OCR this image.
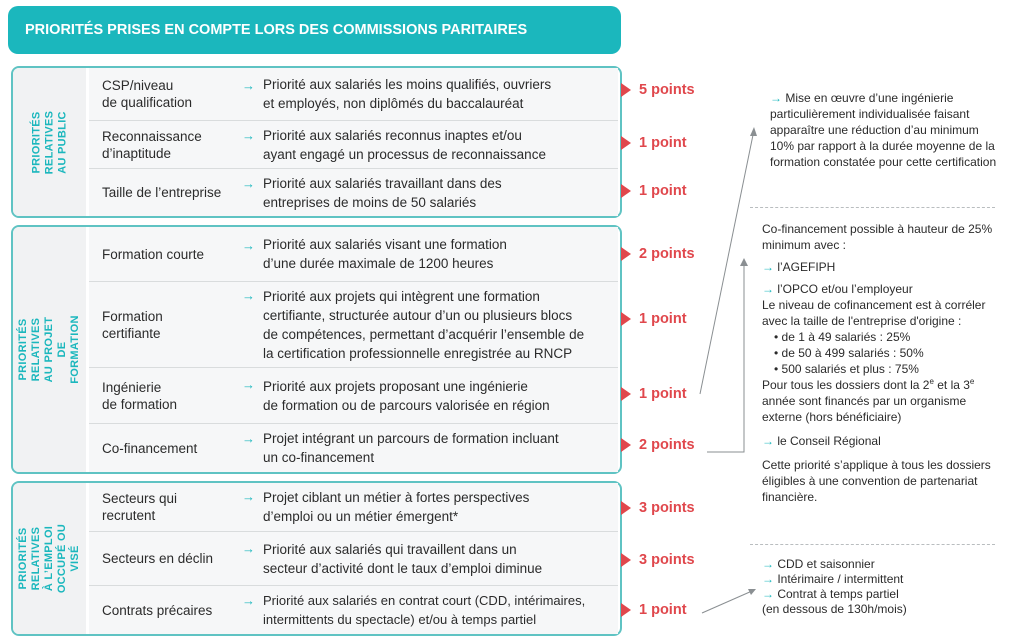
PRIORITÉS PRISES EN COMPTE LORS DES COMMISSIONS PARITAIRES
PRIORITÉS
RELATIVES
AU PUBLIC
CSP/niveau
de qualification
→ Priorité aux salariés les moins qualifiés, ouvriers
et employés, non diplômés du baccalauréat
Reconnaissance
d’inaptitude
→ Priorité aux salariés reconnus inaptes et/ou
ayant engagé un processus de reconnaissance
Taille de l’entreprise
→ Priorité aux salariés travaillant dans des
entreprises de moins de 50 salariés
PRIORITÉS RELATIVES
AU PROJET DE FORMATION
Formation courte
→ Priorité aux salariés visant une formation
d’une durée maximale de 1200 heures
Formation
certifiante
→ Priorité aux projets qui intègrent une formation
certifiante, structurée autour d’un ou plusieurs blocs
de compétences, permettant d’acquérir l’ensemble de
la certification professionnelle enregistrée au RNCP
Ingénierie
de formation
→ Priorité aux projets proposant une ingénierie
de formation ou de parcours valorisée en région
Co-financement
→ Projet intégrant un parcours de formation incluant
un co-financement
PRIORITÉS RELATIVES
À L’EMPLOI
OCCUPÉ OU VISÉ
Secteurs qui
recrutent
→ Projet ciblant un métier à fortes perspectives
d’emploi ou un métier émergent*
Secteurs en déclin
→ Priorité aux salariés qui travaillent dans un
secteur d’activité dont le taux d’emploi diminue
Contrats précaires
→ Priorité aux salariés en contrat court (CDD, intérimaires,
intermittents du spectacle) et/ou à temps partiel
5 points
1 point
1 point
2 points
1 point
1 point
2 points
3 points
3 points
1 point
→ Mise en œuvre d’une ingénierie particulièrement individualisée faisant apparaître une réduction d’au minimum 10% par rapport à la durée moyenne de la formation constatée pour cette certification
Co-financement possible à hauteur de 25% minimum avec :
→ l’AGEFIPH
→ l’OPCO et/ou l’employeur
Le niveau de cofinancement est à corréler avec la taille de l'entreprise d'origine :
• de 1 à 49 salariés : 25%
• de 50 à 499 salariés : 50%
• 500 salariés et plus : 75%
Pour tous les dossiers dont la 2e et la 3e année sont financés par un organisme externe (hors bénéficiaire)
→ le Conseil Régional
Cette priorité s’applique à tous les dossiers éligibles à une convention de partenariat financière.
→ CDD et saisonnier
→ Intérimaire / intermittent
→ Contrat à temps partiel
(en dessous de 130h/mois)
